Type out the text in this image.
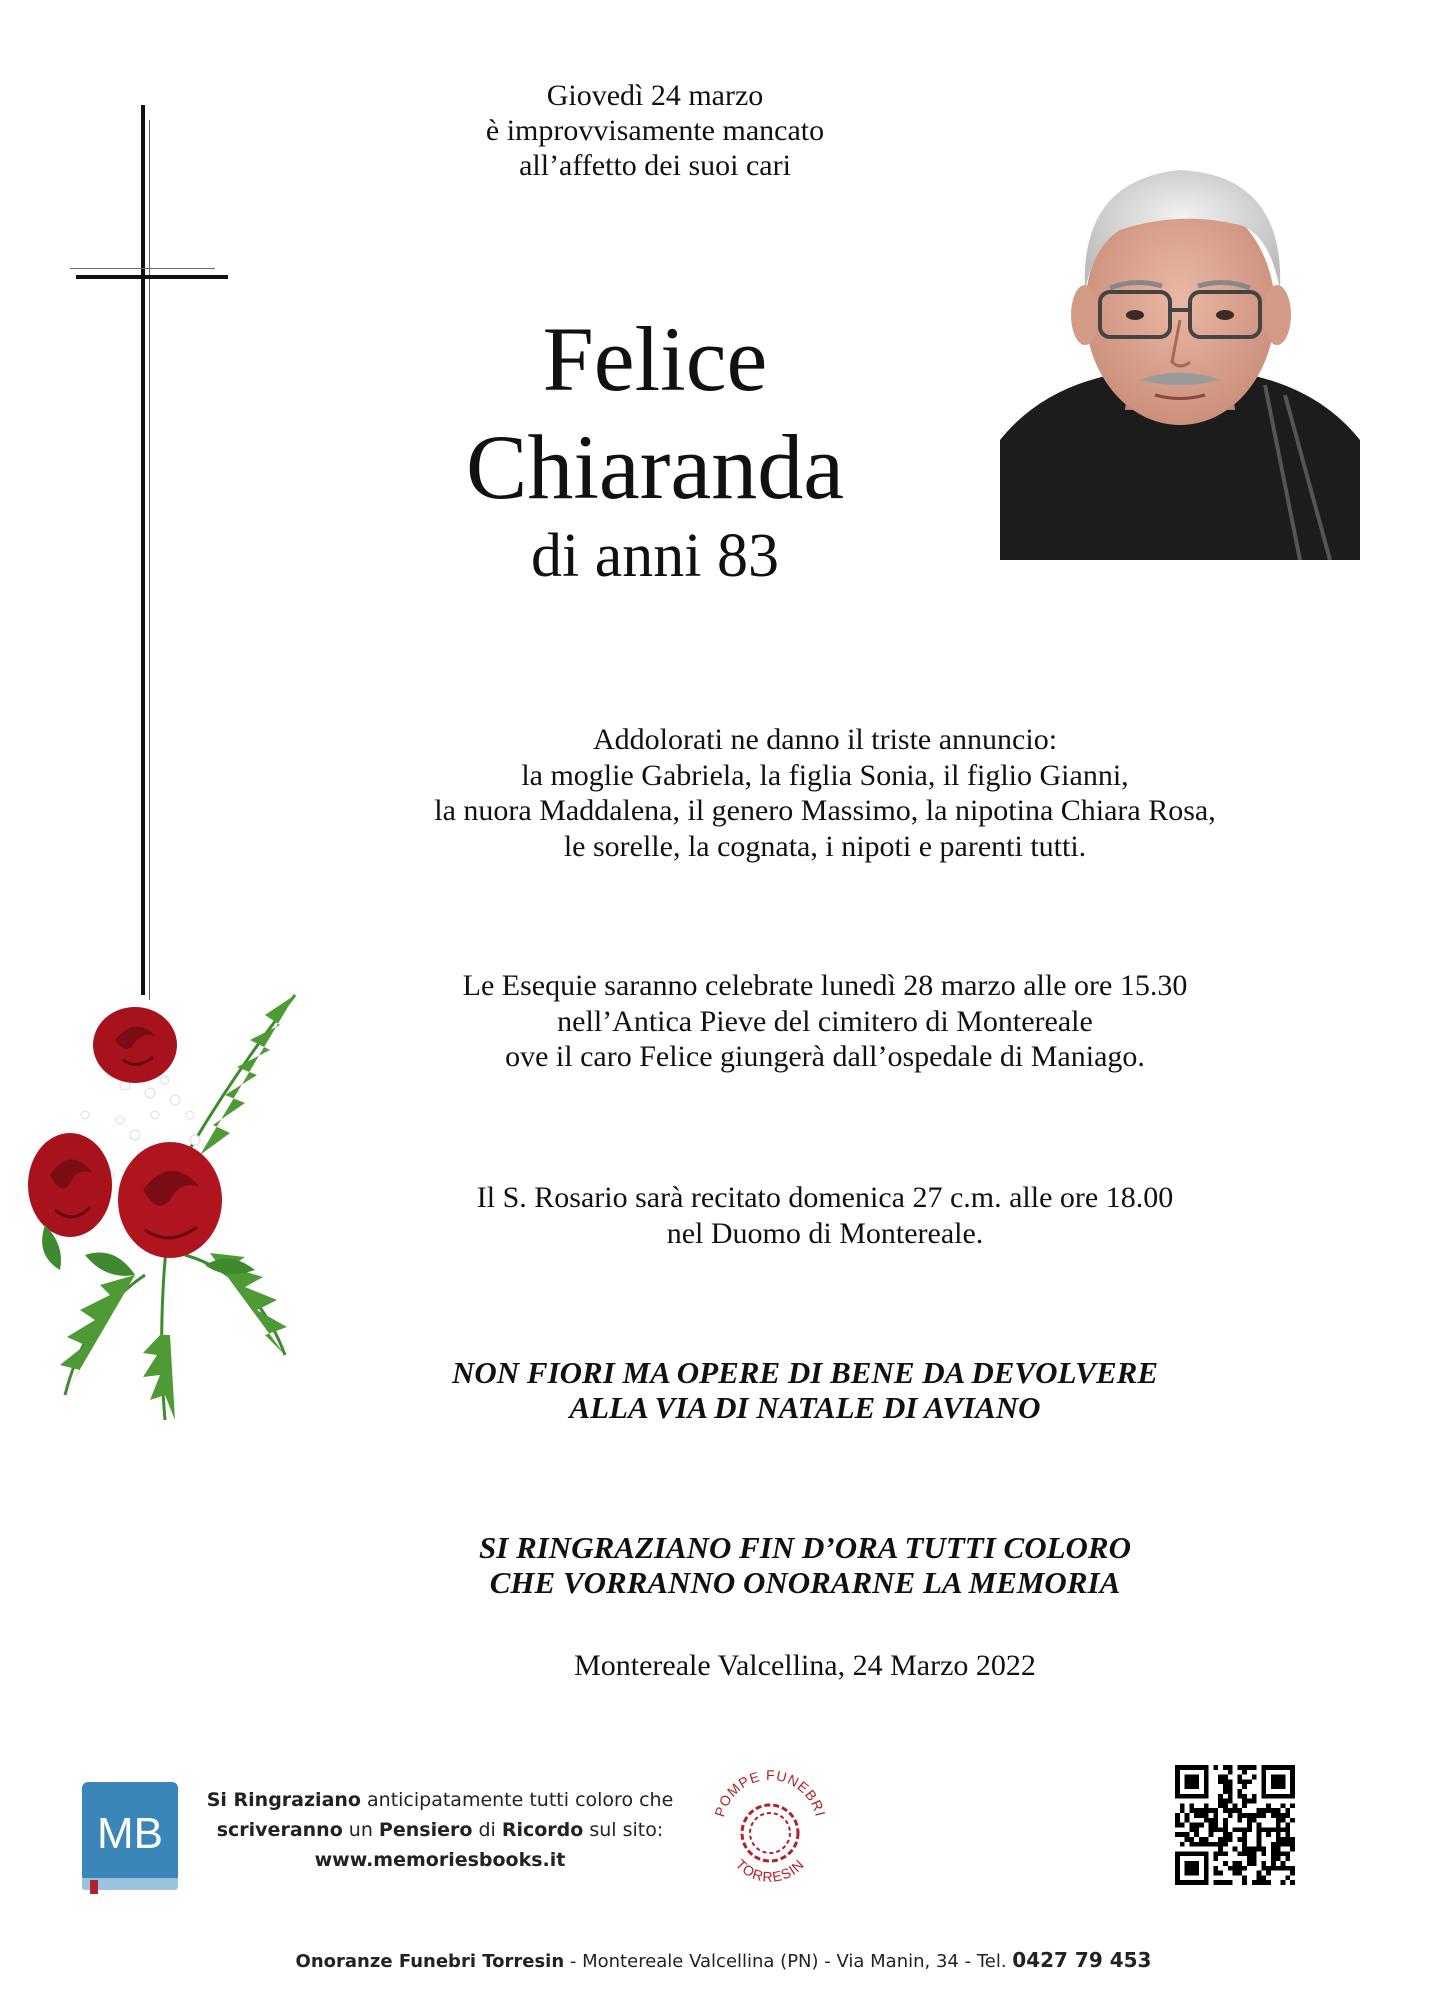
Giovedì 24 marzo
è improvvisamente mancato
all’affetto dei suoi cari
Felice
Chiaranda
di anni 83
Addolorati ne danno il triste annuncio:
la moglie Gabriela, la figlia Sonia, il figlio Gianni,
la nuora Maddalena, il genero Massimo, la nipotina Chiara Rosa,
le sorelle, la cognata, i nipoti e parenti tutti.
Le Esequie saranno celebrate lunedì 28 marzo alle ore 15.30
nell’Antica Pieve del cimitero di Montereale
ove il caro Felice giungerà dall’ospedale di Maniago.
Il S. Rosario sarà recitato domenica 27 c.m. alle ore 18.00
nel Duomo di Montereale.
NON FIORI MA OPERE DI BENE DA DEVOLVERE
ALLA VIA DI NATALE DI AVIANO
SI RINGRAZIANO FIN D’ORA TUTTI COLORO
CHE VORRANNO ONORARNE LA MEMORIA
Montereale Valcellina, 24 Marzo 2022
MB
Si Ringraziano anticipatamente tutti coloro che
scriveranno un Pensiero di Ricordo sul sito:
www.memoriesbooks.it
POMPE FUNEBRI
TORRESIN
Onoranze Funebri Torresin - Montereale Valcellina (PN) - Via Manin, 34 - Tel. 0427 79 453
